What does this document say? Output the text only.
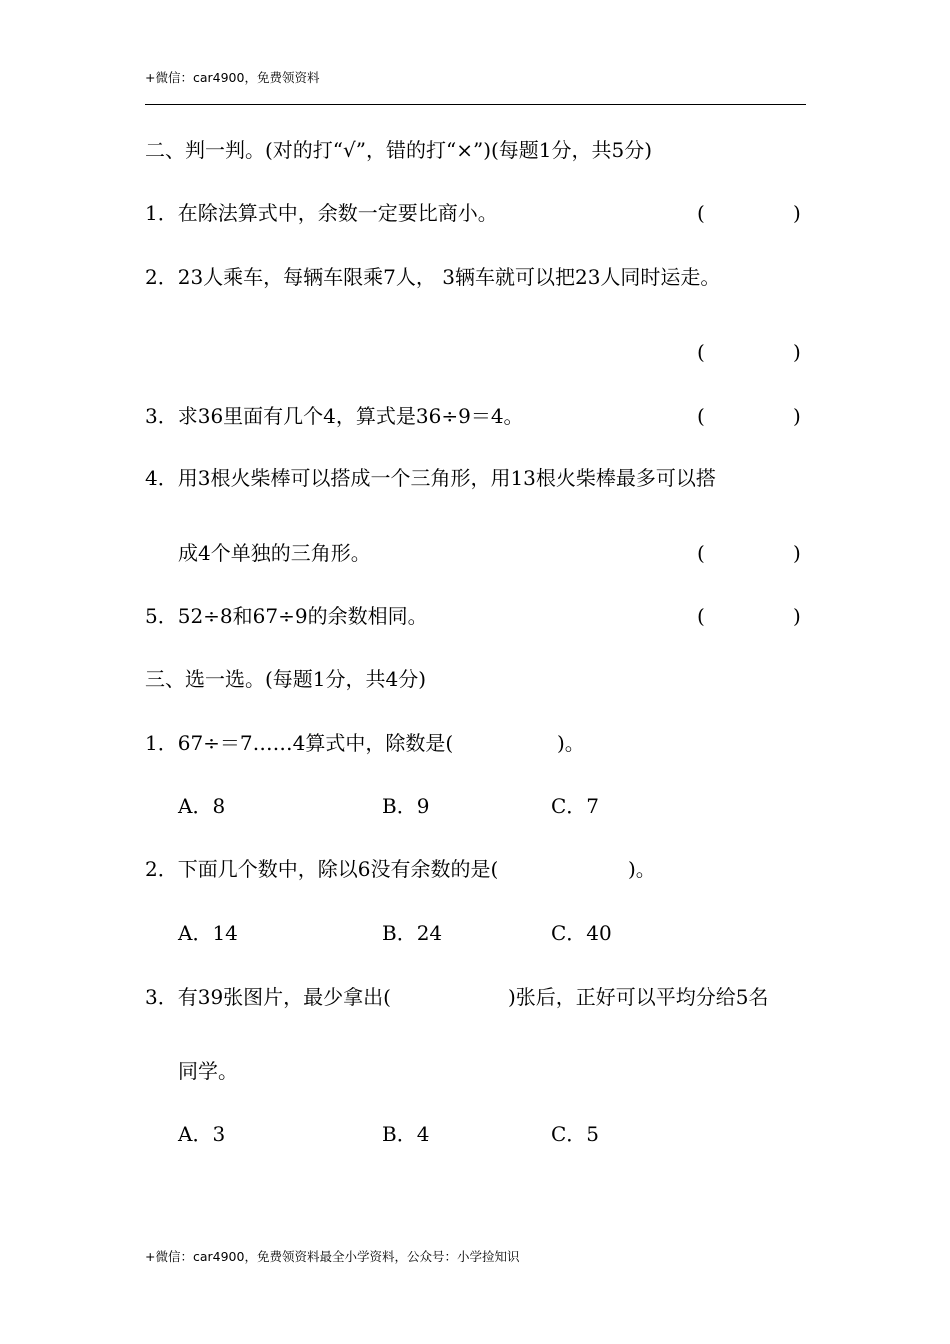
+微信：car4900，免费领资料
二、判一判。(对的打“√”，错的打“×”)(每题1分，共5分)
1．在除法算式中，余数一定要比商小。	(	)
2．23人乘车，每辆车限乘7人， 3辆车就可以把23人同时运走。
(	)
3．求36里面有几个4，算式是36÷9＝4。	(	)
4．用3根火柴棒可以搭成一个三角形，用13根火柴棒最多可以搭
成4个单独的三角形。	(	)
5．52÷8和67÷9的余数相同。	(	)
三、选一选。(每题1分，共4分)
1．67÷＝7……4算式中，除数是(	)。
A．8	B．9	C．7
2．下面几个数中，除以6没有余数的是(	)。
A．14	B．24	C．40
3．有39张图片，最少拿出(	)张后，正好可以平均分给5名
同学。
A．3	B．4	C．5
+微信：car4900，免费领资料最全小学资料，公众号：小学捡知识
